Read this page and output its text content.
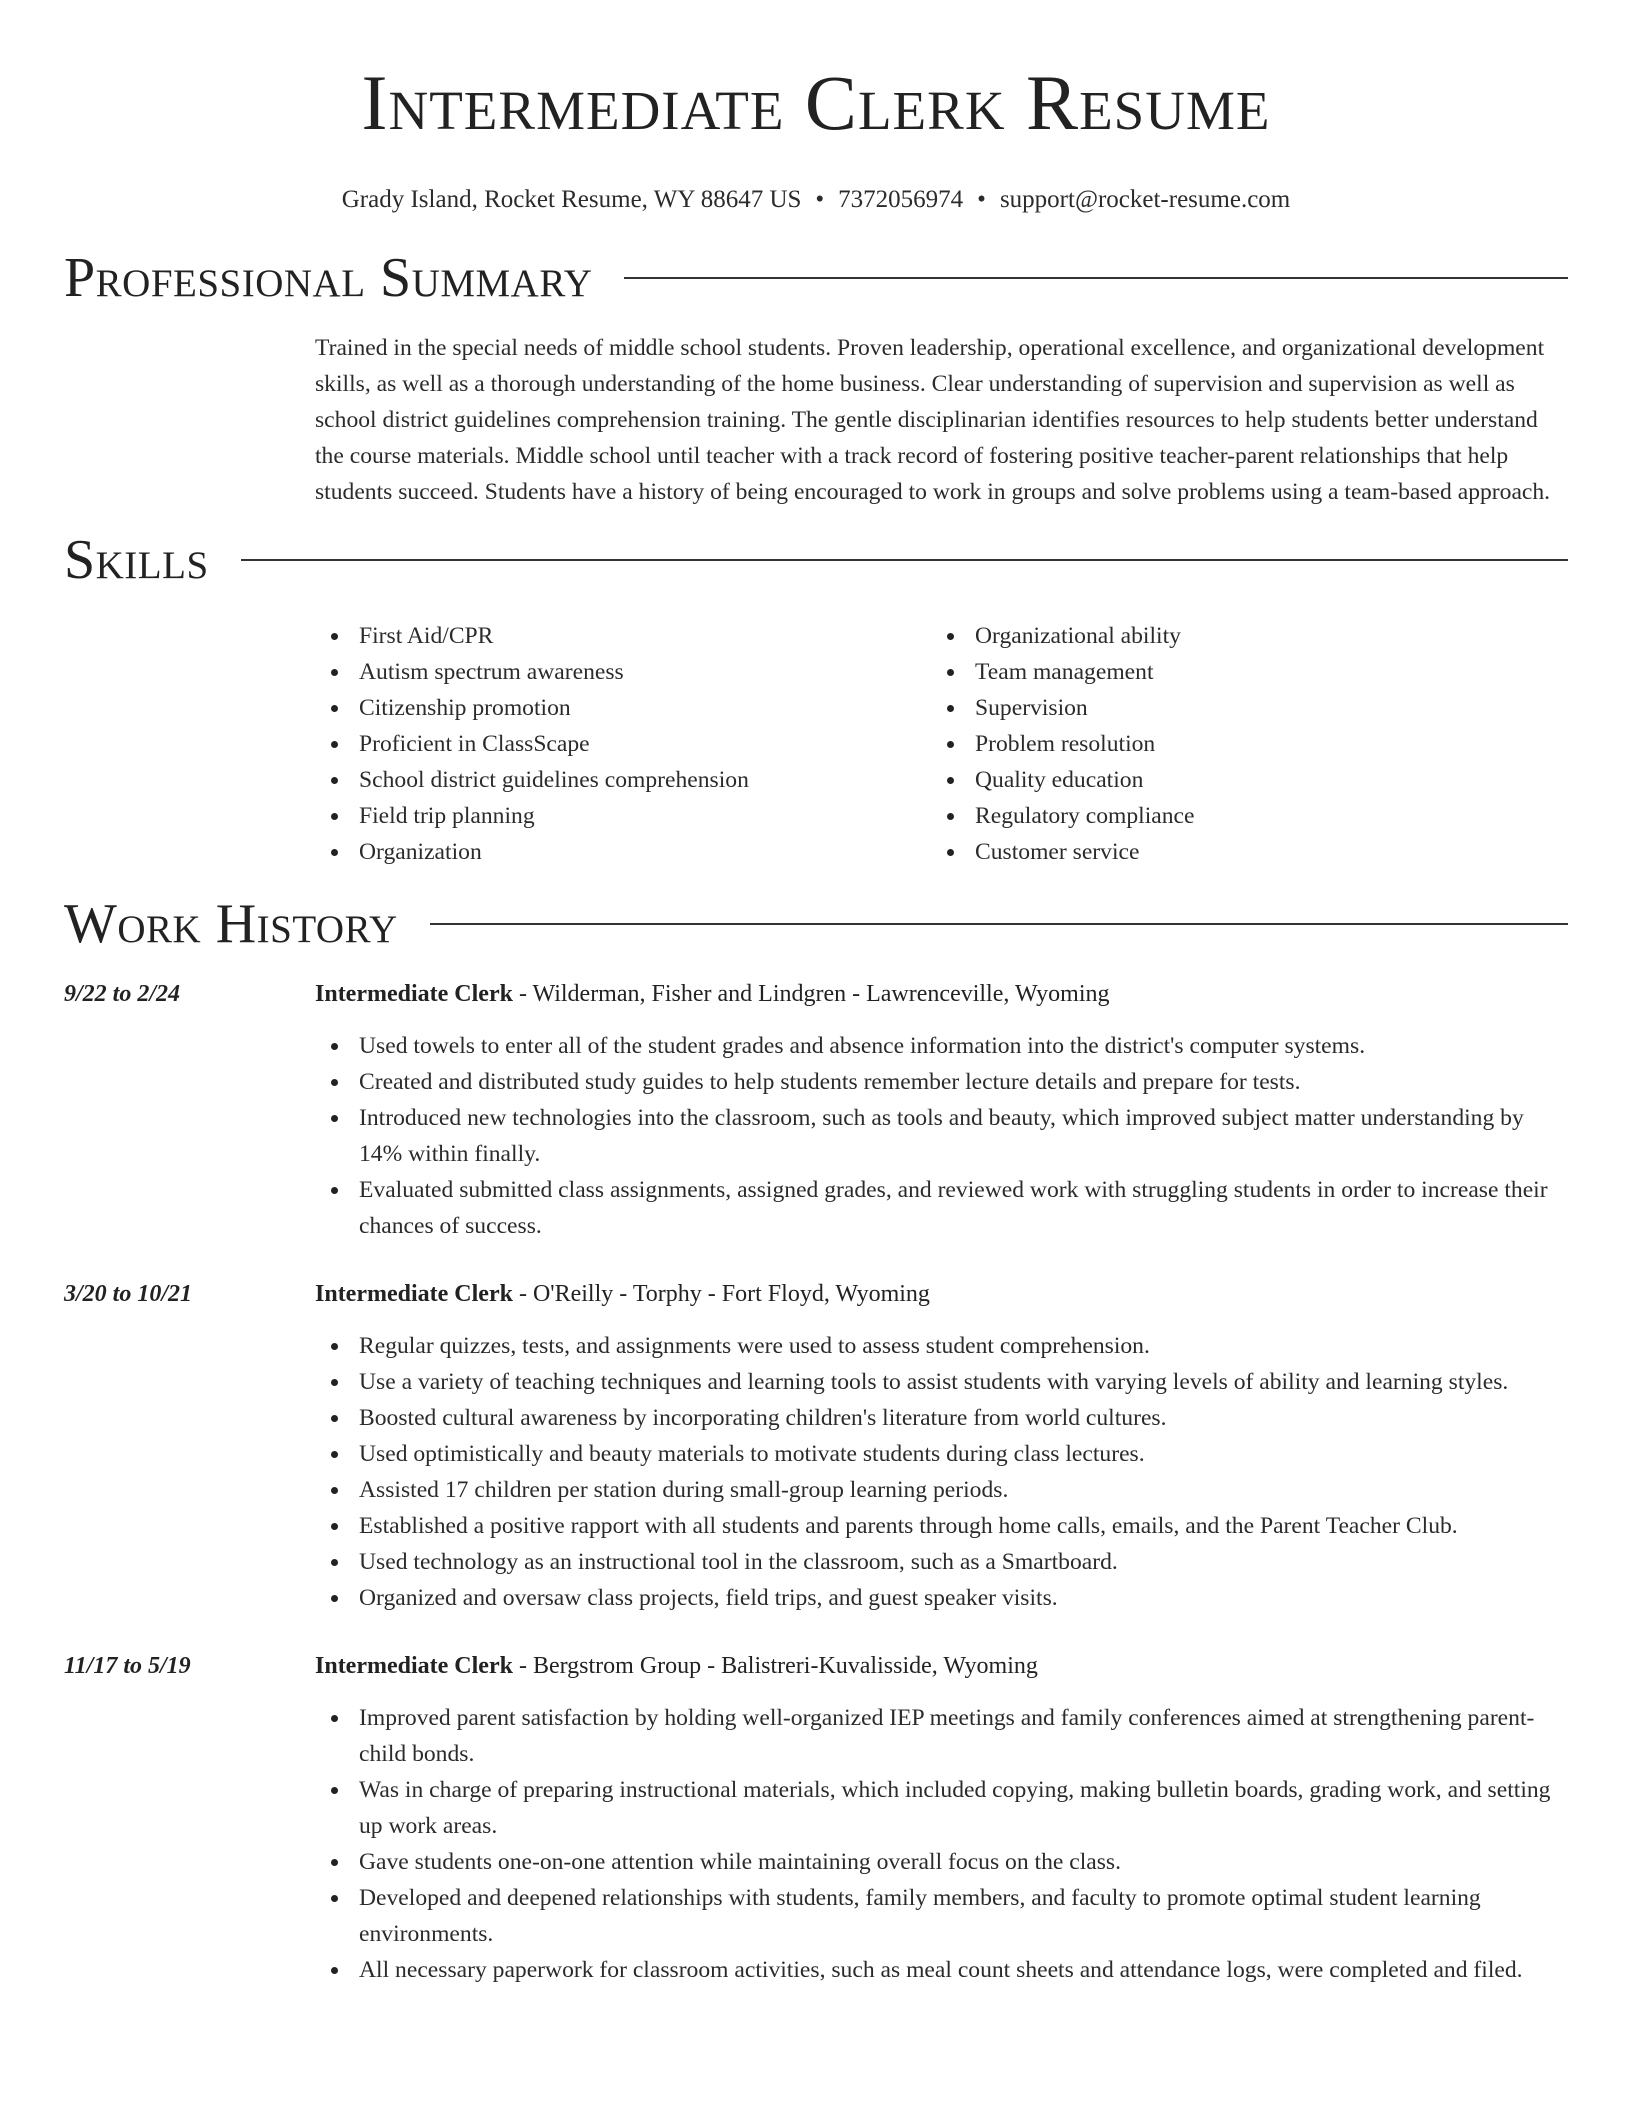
Intermediate Clerk Resume
Grady Island, Rocket Resume, WY 88647 US • 7372056974 • support@rocket-resume.com
Professional Summary
Trained in the special needs of middle school students. Proven leadership, operational excellence, and organizational development skills, as well as a thorough understanding of the home business. Clear understanding of supervision and supervision as well as school district guidelines comprehension training. The gentle disciplinarian identifies resources to help students better understand the course materials. Middle school until teacher with a track record of fostering positive teacher-parent relationships that help students succeed. Students have a history of being encouraged to work in groups and solve problems using a team-based approach.
Skills
First Aid/CPR
Autism spectrum awareness
Citizenship promotion
Proficient in ClassScape
School district guidelines comprehension
Field trip planning
Organization
Organizational ability
Team management
Supervision
Problem resolution
Quality education
Regulatory compliance
Customer service
Work History
9/22 to 2/24	Intermediate Clerk - Wilderman, Fisher and Lindgren - Lawrenceville, Wyoming
Used towels to enter all of the student grades and absence information into the district's computer systems.
Created and distributed study guides to help students remember lecture details and prepare for tests.
Introduced new technologies into the classroom, such as tools and beauty, which improved subject matter understanding by 14% within finally.
Evaluated submitted class assignments, assigned grades, and reviewed work with struggling students in order to increase their chances of success.
3/20 to 10/21	Intermediate Clerk - O'Reilly - Torphy - Fort Floyd, Wyoming
Regular quizzes, tests, and assignments were used to assess student comprehension.
Use a variety of teaching techniques and learning tools to assist students with varying levels of ability and learning styles.
Boosted cultural awareness by incorporating children's literature from world cultures.
Used optimistically and beauty materials to motivate students during class lectures.
Assisted 17 children per station during small-group learning periods.
Established a positive rapport with all students and parents through home calls, emails, and the Parent Teacher Club.
Used technology as an instructional tool in the classroom, such as a Smartboard.
Organized and oversaw class projects, field trips, and guest speaker visits.
11/17 to 5/19	Intermediate Clerk - Bergstrom Group - Balistreri-Kuvalisside, Wyoming
Improved parent satisfaction by holding well-organized IEP meetings and family conferences aimed at strengthening parent-child bonds.
Was in charge of preparing instructional materials, which included copying, making bulletin boards, grading work, and setting up work areas.
Gave students one-on-one attention while maintaining overall focus on the class.
Developed and deepened relationships with students, family members, and faculty to promote optimal student learning environments.
All necessary paperwork for classroom activities, such as meal count sheets and attendance logs, were completed and filed.
